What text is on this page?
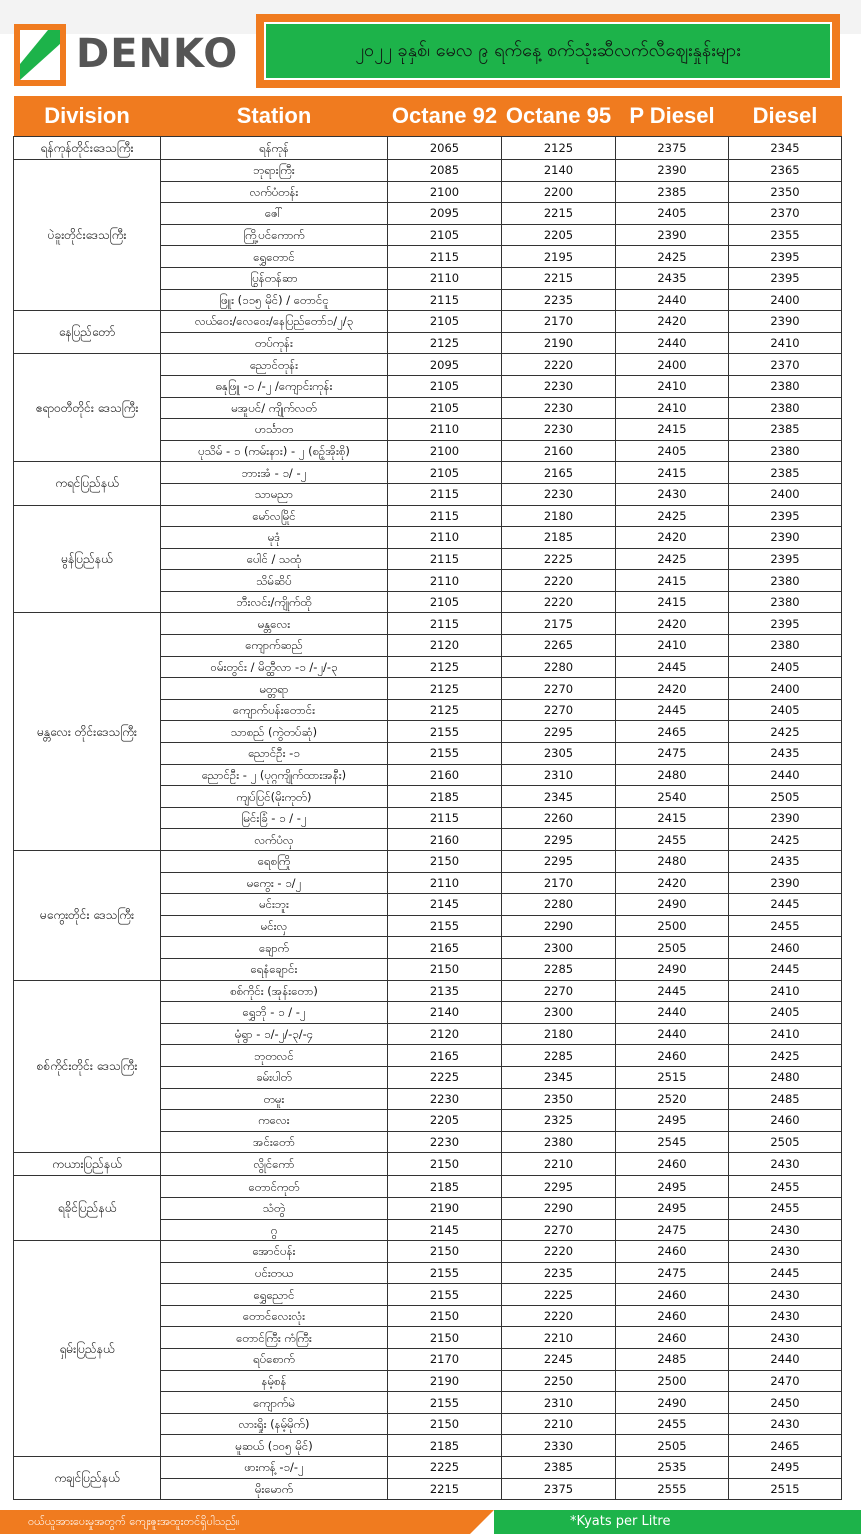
DENKO	၂၀၂၂ ခုနှစ်၊ မေလ ၉ ရက်နေ့ စက်သုံးဆီလက်လီဈေးနှုန်းများ
Division	Station	Octane 92	Octane 95	P Diesel	Diesel
ရန်ကုန်တိုင်းဒေသကြီး	ရန်ကုန်	2065	2125	2375	2345
ပဲခူးတိုင်းဒေသကြီး	ဘုရားကြီး	2085	2140	2390	2365
	လက်ပံတန်း	2100	2200	2385	2350
	ဇေါ်	2095	2215	2405	2370
	ကြို့ပင်ကောက်	2105	2205	2390	2355
	ရွှေတောင်	2115	2195	2425	2395
	ပြွန်တန်ဆာ	2110	2215	2435	2395
	ဖြူး (၁၁၅ မိုင်) / တောင်ငူ	2115	2235	2440	2400
နေပြည်တော်	လယ်ဝေး/လေဝေး/နေပြည်တော်၁/၂/၃	2105	2170	2420	2390
	တပ်ကုန်း	2125	2190	2440	2410
ဧရာဝတီတိုင်း ဒေသကြီး	ညောင်တုန်း	2095	2220	2400	2370
	ဓနုဖြူ -၁ /-၂ /ကျောင်းကုန်း	2105	2230	2410	2380
	မအူပင်/ ကျိုက်လတ်	2105	2230	2410	2380
	ဟင်္သာတ	2110	2230	2415	2385
	ပုသိမ် - ၁ (ကမ်းနား) - ၂ (စဉ့်အိုးစို)	2100	2160	2405	2380
ကရင်ပြည်နယ်	ဘားအံ - ၁/ -၂	2105	2165	2415	2385
	သာမညာ	2115	2230	2430	2400
မွန်ပြည်နယ်	မော်လမြိုင်	2115	2180	2425	2395
	မုဒုံ	2110	2185	2420	2390
	ပေါင် / သထုံ	2115	2225	2425	2395
	သိမ်ဆိပ်	2110	2220	2415	2380
	ဘီးလင်း/ကျိုက်ထို	2105	2220	2415	2380
မန္တလေး တိုင်းဒေသကြီး	မန္တလေး	2115	2175	2420	2395
	ကျောက်ဆည်	2120	2265	2410	2380
	ဝမ်းတွင်း / မိတ္ထီလာ -၁ /-၂/-၃	2125	2280	2445	2405
	မတ္တရာ	2125	2270	2420	2400
	ကျောက်ပန်းတောင်း	2125	2270	2445	2405
	သာစည် (ကွဲတပ်ဆုံ)	2155	2295	2465	2425
	ညောင်ဦး -၁	2155	2305	2475	2435
	ညောင်ဦး - ၂ (ပုဂ္ဂကျိုက်ထားအနီး)	2160	2310	2480	2440
	ကျပ်ပြင်(မိုးကုတ်)	2185	2345	2540	2505
	မြင်းခြံ - ၁ / -၂	2115	2260	2415	2390
	လက်ပံလှ	2160	2295	2455	2425
မကွေးတိုင်း ဒေသကြီး	ရေစကြို	2150	2295	2480	2435
	မကွေး - ၁/၂	2110	2170	2420	2390
	မင်းဘူး	2145	2280	2490	2445
	မင်းလှ	2155	2290	2500	2455
	ချောက်	2165	2300	2505	2460
	ရေနံချောင်း	2150	2285	2490	2445
စစ်ကိုင်းတိုင်း ဒေသကြီး	စစ်ကိုင်း (အုန်းတော)	2135	2270	2445	2410
	ရွှေဘို - ၁ / -၂	2140	2300	2440	2405
	မုံရွာ - ၁/-၂/-၃/-၄	2120	2180	2440	2410
	ဘုတလင်	2165	2285	2460	2425
	ခမ်းပါတ်	2225	2345	2515	2480
	တမူး	2230	2350	2520	2485
	ကလေး	2205	2325	2495	2460
	အင်းတော်	2230	2380	2545	2505
ကယားပြည်နယ်	လွိုင်ကော်	2150	2210	2460	2430
ရခိုင်ပြည်နယ်	တောင်ကုတ်	2185	2295	2495	2455
	သံတွဲ	2190	2290	2495	2455
	ဂွ	2145	2270	2475	2430
ရှမ်းပြည်နယ်	အောင်ပန်း	2150	2220	2460	2430
	ပင်းတယ	2155	2235	2475	2445
	ရွှေညောင်	2155	2225	2460	2430
	တောင်လေးလုံး	2150	2220	2460	2430
	တောင်ကြီး ကံကြီး	2150	2210	2460	2430
	ရပ်စောက်	2170	2245	2485	2440
	နမ့်စန်	2190	2250	2500	2470
	ကျောက်မဲ	2155	2310	2490	2450
	လားရှိုး (နမ့်မိုက်)	2150	2210	2455	2430
	မူဆယ် (၁၀၅ မိုင်)	2185	2330	2505	2465
ကချင်ပြည်နယ်	ဖားကန့် -၁/-၂	2225	2385	2535	2495
	မိုးမောက်	2215	2375	2555	2515
ဝယ်ယူအားပေးမှုအတွက် ကျေးဇူးအထူးတင်ရှိပါသည်။	*Kyats per Litre
